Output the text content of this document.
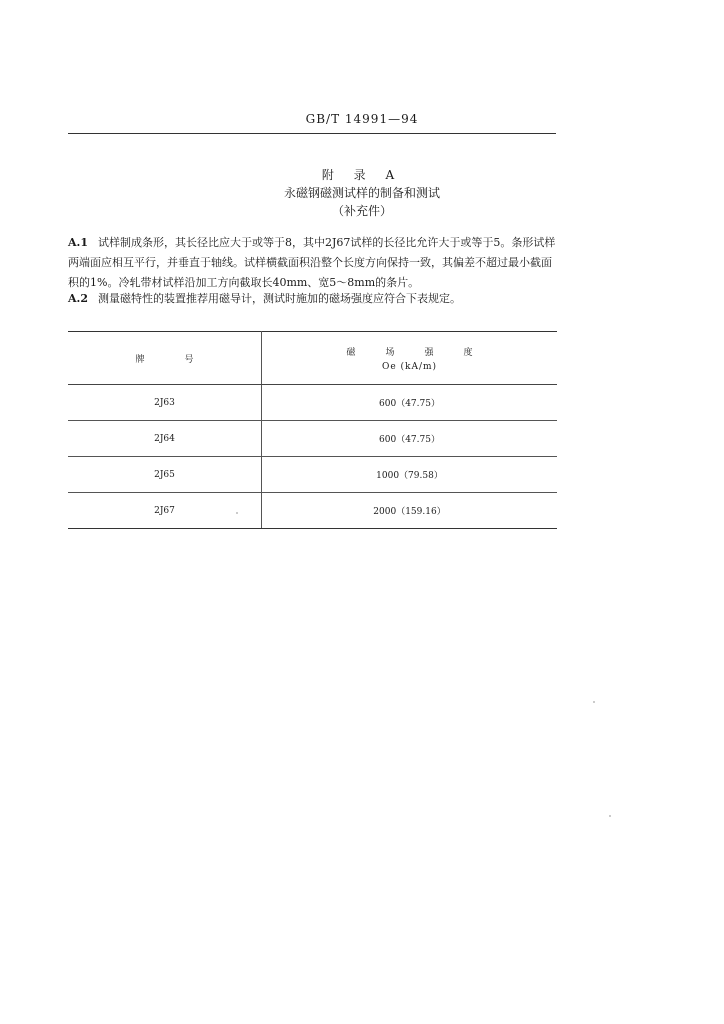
GB/T 14991—94
附 录 A
永磁钢磁测试样的制备和测试
（补充件）
A.1 试样制成条形，其长径比应大于或等于8，其中2J67试样的长径比允许大于或等于5。条形试样两端面应相互平行，并垂直于轴线。试样横截面积沿整个长度方向保持一致，其偏差不超过最小截面积的1%。冷轧带材试样沿加工方向截取长40mm、宽5～8mm的条片。
A.2 测量磁特性的装置推荐用磁导计，测试时施加的磁场强度应符合下表规定。
牌号	磁场强度
Oe (kA/m)

2J63	600（47.75）
2J64	600（47.75）
2J65	1000（79.58）
2J67	2000（159.16）
